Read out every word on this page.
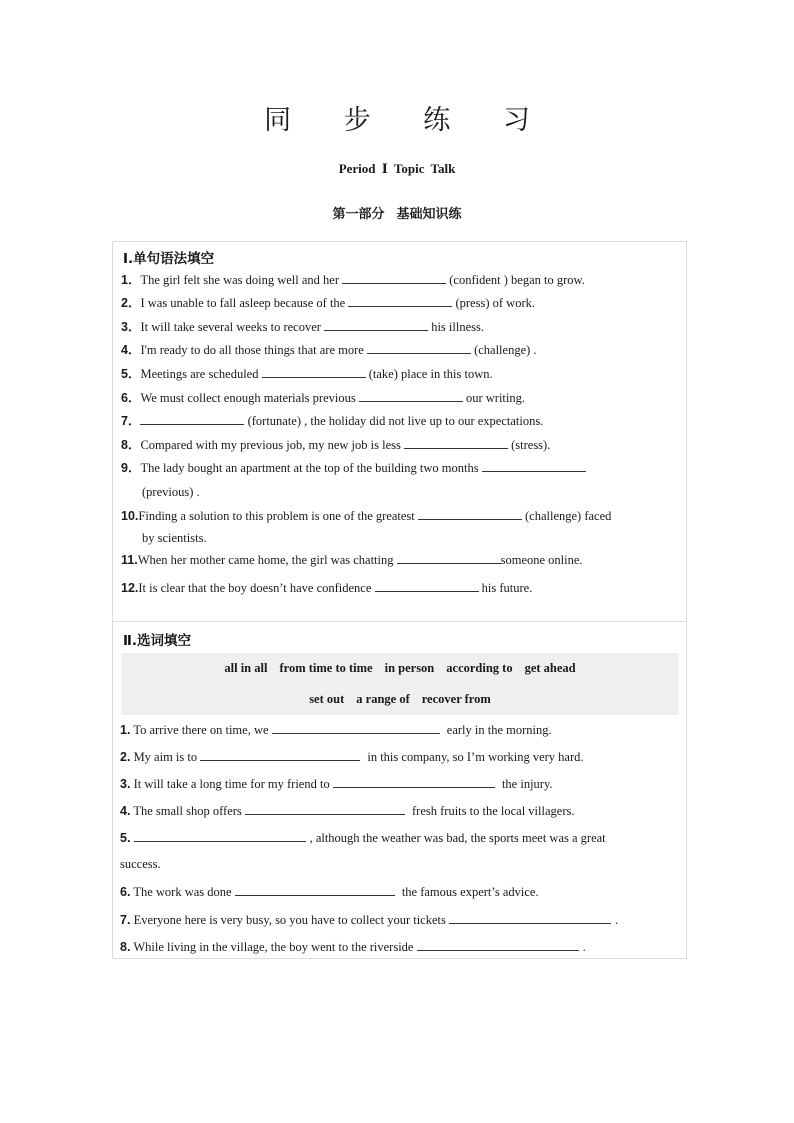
同 步 练 习
Period Ⅰ Topic Talk
第一部分 基础知识练
Ⅰ.单句语法填空
1．The girl felt she was doing well and her	(confident ) began to grow.
2．I was unable to fall asleep because of the	(press) of work.
3．It will take several weeks to recover	his illness.
4．I'm ready to do all those things that are more	(challenge) .
5．Meetings are scheduled	(take) place in this town.
6．We must collect enough materials previous	our writing.
7．	(fortunate) , the holiday did not live up to our expectations.
8．Compared with my previous job, my new job is less	(stress).
9．The lady bought an apartment at the top of the building two months
(previous) .
10.Finding a solution to this problem is one of the greatest	(challenge) faced
by scientists.
11.When her mother came home, the girl was chatting	someone online.
12.It is clear that the boy doesn’t have confidence	his future.
Ⅱ.选词填空
all in all from time to time in person according to get ahead
set out a range of recover from
1. To arrive there on time, we	early in the morning.
2. My aim is to	in this company, so I’m working very hard.
3. It will take a long time for my friend to	the injury.
4. The small shop offers	fresh fruits to the local villagers.
5.	, although the weather was bad, the sports meet was a great
success.
6. The work was done	the famous expert’s advice.
7. Everyone here is very busy, so you have to collect your tickets	.
8. While living in the village, the boy went to the riverside	.
